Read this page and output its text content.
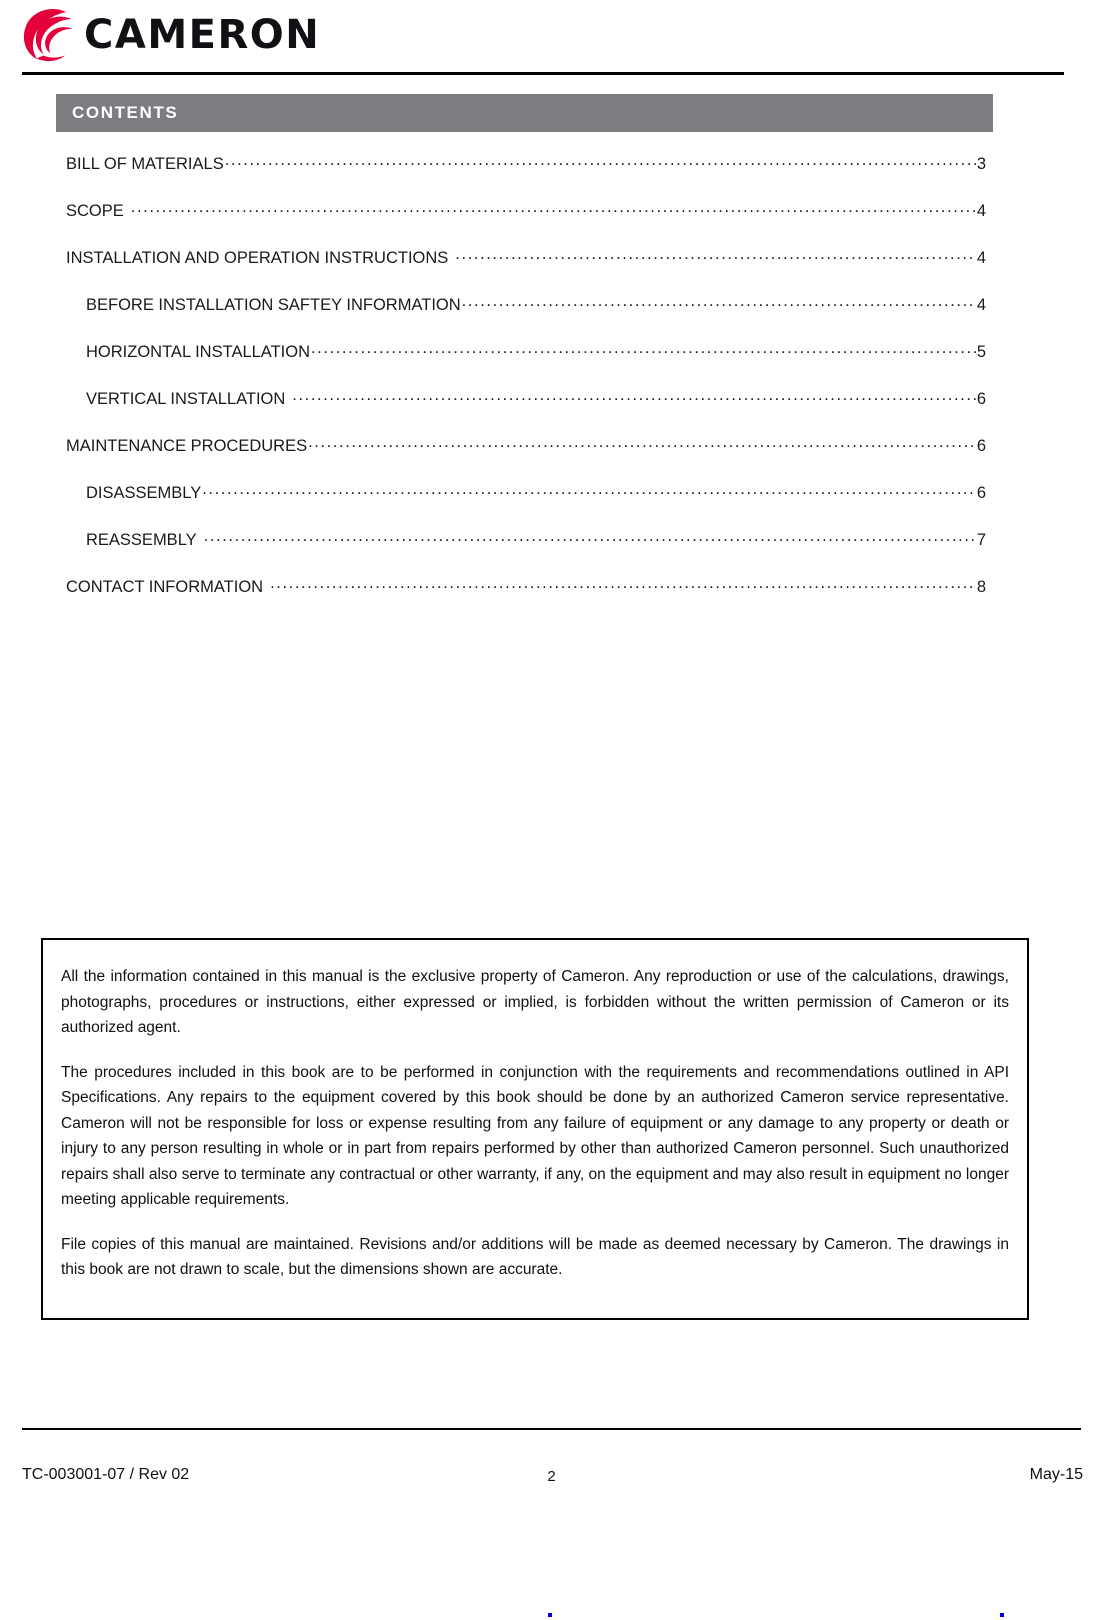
CAMERON
CONTENTS
BILL OF MATERIALS .....	3
SCOPE .....	4
INSTALLATION AND OPERATION INSTRUCTIONS .....	4
BEFORE INSTALLATION SAFTEY INFORMATION .....	4
HORIZONTAL INSTALLATION .....	5
VERTICAL INSTALLATION .....	6
MAINTENANCE PROCEDURES .....	6
DISASSEMBLY .....	6
REASSEMBLY .....	7
CONTACT INFORMATION .....	8

All the information contained in this manual is the exclusive property of Cameron. Any reproduction or use of the calculations, drawings, photographs, procedures or instructions, either expressed or implied, is forbidden without the written permission of Cameron or its authorized agent.

The procedures included in this book are to be performed in conjunction with the requirements and recommendations outlined in API Specifications. Any repairs to the equipment covered by this book should be done by an authorized Cameron service representative. Cameron will not be responsible for loss or expense resulting from any failure of equipment or any damage to any property or death or injury to any person resulting in whole or in part from repairs performed by other than authorized Cameron personnel. Such unauthorized repairs shall also serve to terminate any contractual or other warranty, if any, on the equipment and may also result in equipment no longer meeting applicable requirements.

File copies of this manual are maintained. Revisions and/or additions will be made as deemed necessary by Cameron. The drawings in this book are not drawn to scale, but the dimensions shown are accurate.

TC-003001-07 / Rev 02	2	May-15
